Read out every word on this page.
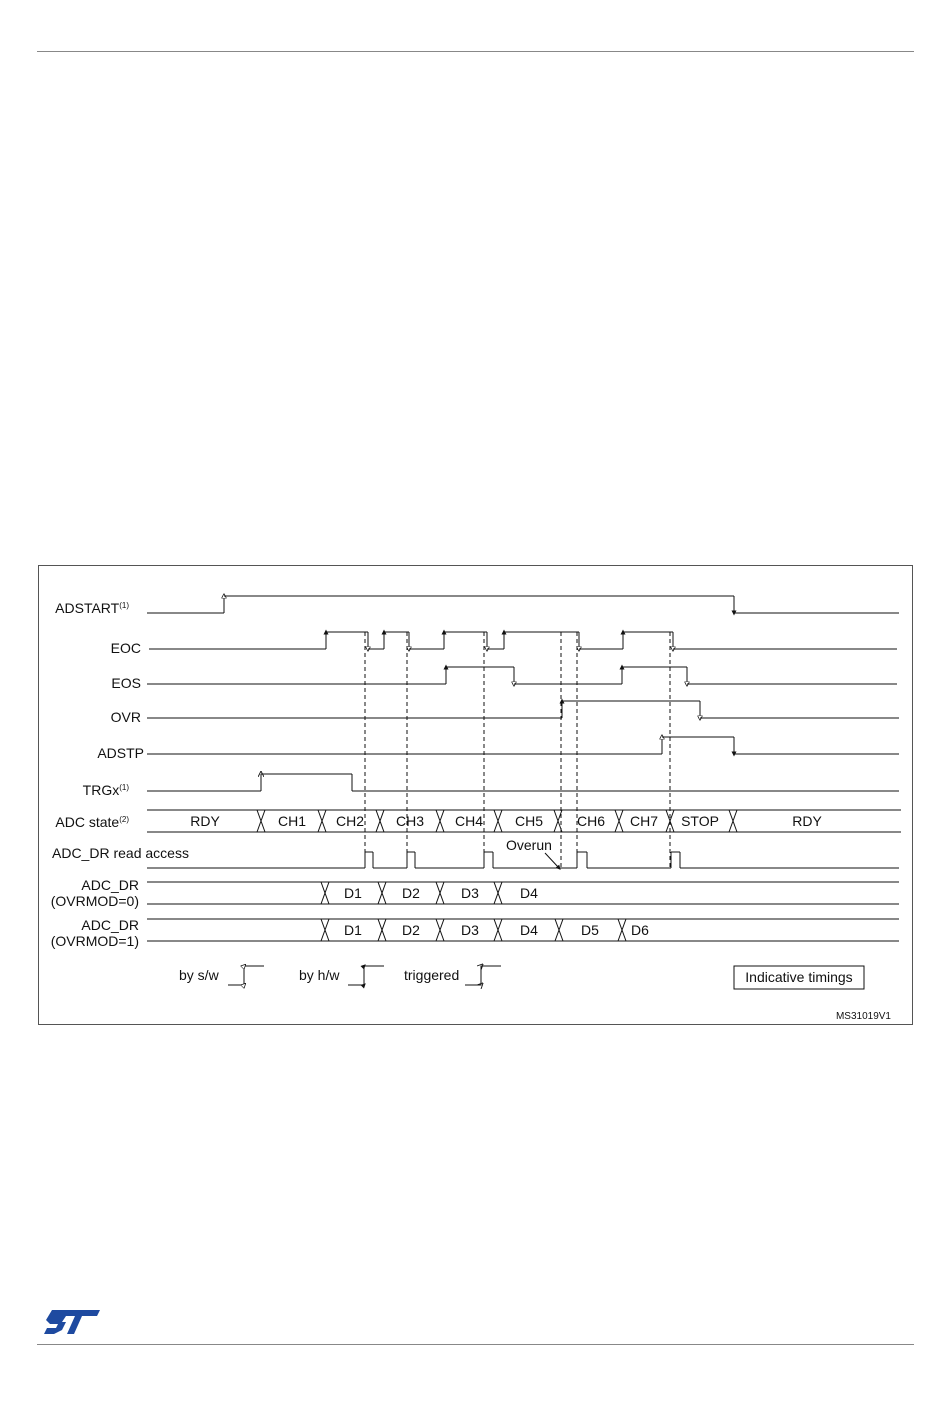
ADSTART$^{(1)}$
EOC
EOS
OVR
ADSTP
TRGx$^{(1)}$
ADC state$^{(2)}$
ADC_DR read access
ADC_DR
(OVRMOD=0)
ADC_DR
(OVRMOD=1)
Overun
by s/w	by h/w	triggered	Indicative timings
MS31019V1
RDY	CH1 CH2 CH3 CH4 CH5 CH6 CH7 STOP	RDY
D1	D2	D3	D4
D1	D2	D3	D4	D5 D6
